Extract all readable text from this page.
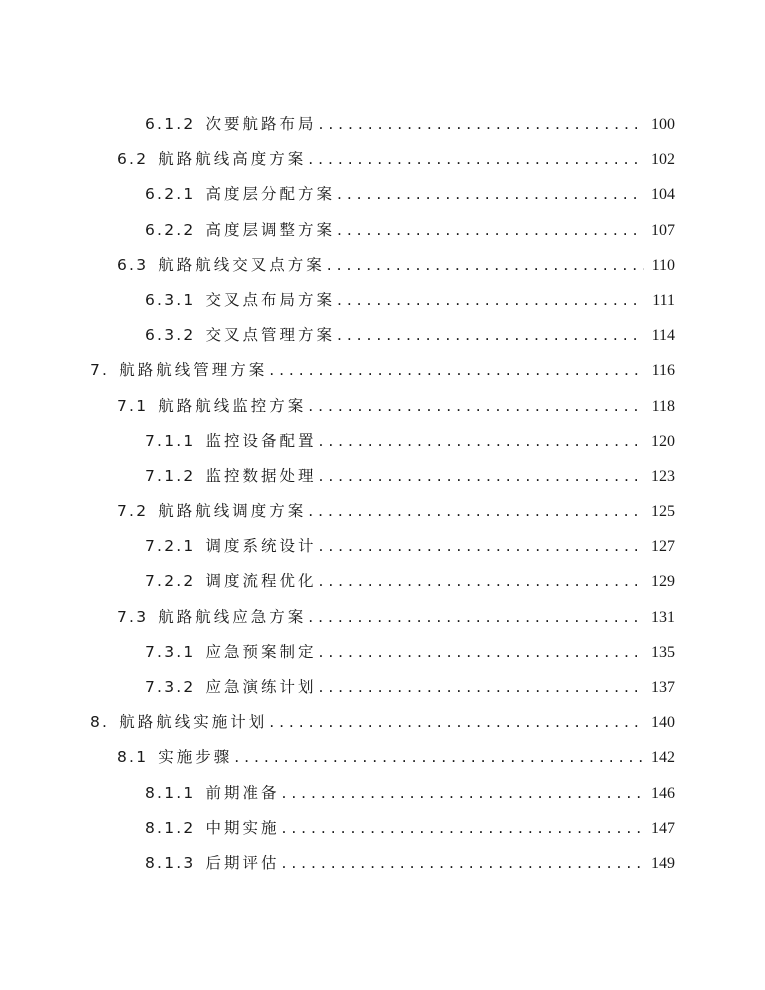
6.1.2 次要航路布局 . . .	100
6.2 航路航线高度方案 . . .	102
6.2.1 高度层分配方案 . . .	104
6.2.2 高度层调整方案 . . .	107
6.3 航路航线交叉点方案 . . .	110
6.3.1 交叉点布局方案 . . .	111
6.3.2 交叉点管理方案 . . .	114
7. 航路航线管理方案 . . .	116
7.1 航路航线监控方案 . . .	118
7.1.1 监控设备配置 . . .	120
7.1.2 监控数据处理 . . .	123
7.2 航路航线调度方案 . . .	125
7.2.1 调度系统设计 . . .	127
7.2.2 调度流程优化 . . .	129
7.3 航路航线应急方案 . . .	131
7.3.1 应急预案制定 . . .	135
7.3.2 应急演练计划 . . .	137
8. 航路航线实施计划 . . .	140
8.1 实施步骤 . . .	142
8.1.1 前期准备 . . .	146
8.1.2 中期实施 . . .	147
8.1.3 后期评估 . . .	149
